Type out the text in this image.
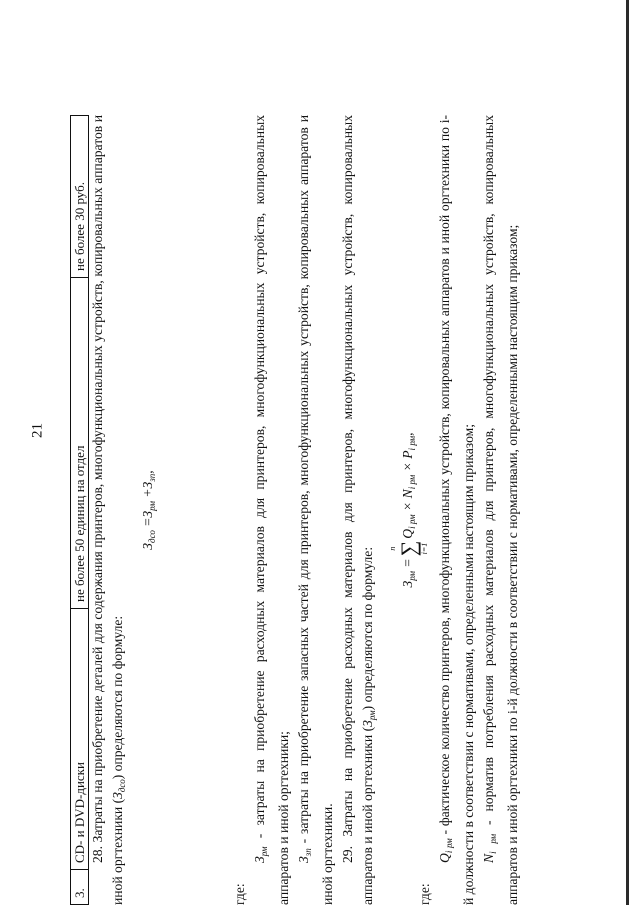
21
3.	CD- и DVD-диски	не более 50 единиц на отдел	не более 30 руб. 28. Затраты на приобретение деталей для содержания принтеров, многофункциональных устройств, копировальных аппаратов и иной оргтехники $(З_{дсо})$ определяются по формуле:

$З_{дсо} =З_{рм} +З_{зп}$,

где:

$З_{рм}$ - затраты на приобретение расходных материалов для принтеров, многофункциональных устройств, копировальных аппаратов и иной оргтехники; $З_{зп}$ - затраты на приобретение запасных частей для принтеров, многофункциональных устройств, копировальных аппаратов и иной оргтехники. 29. Затраты на приобретение расходных материалов для принтеров, многофункциональных устройств, копировальных аппаратов и иной оргтехники $(З_{рм})$ определяются по формуле:	$З_{рм}$ =
n ∑ i=1
$Q_{i рм} \times N_{i рм} \times P_{i рм}$,

где:

$Q_{i рм}$ - фактическое количество принтеров, многофункциональных устройств, копировальных аппаратов и иной оргтехники по i-й должности в соответствии с нормативами, определенными настоящим приказом; $N_{i рм}$ - норматив потребления расходных материалов для принтеров, многофункциональных устройств, копировальных аппаратов и иной оргтехники по i-й должности в соответствии с нормативами, определенными настоящим приказом;
